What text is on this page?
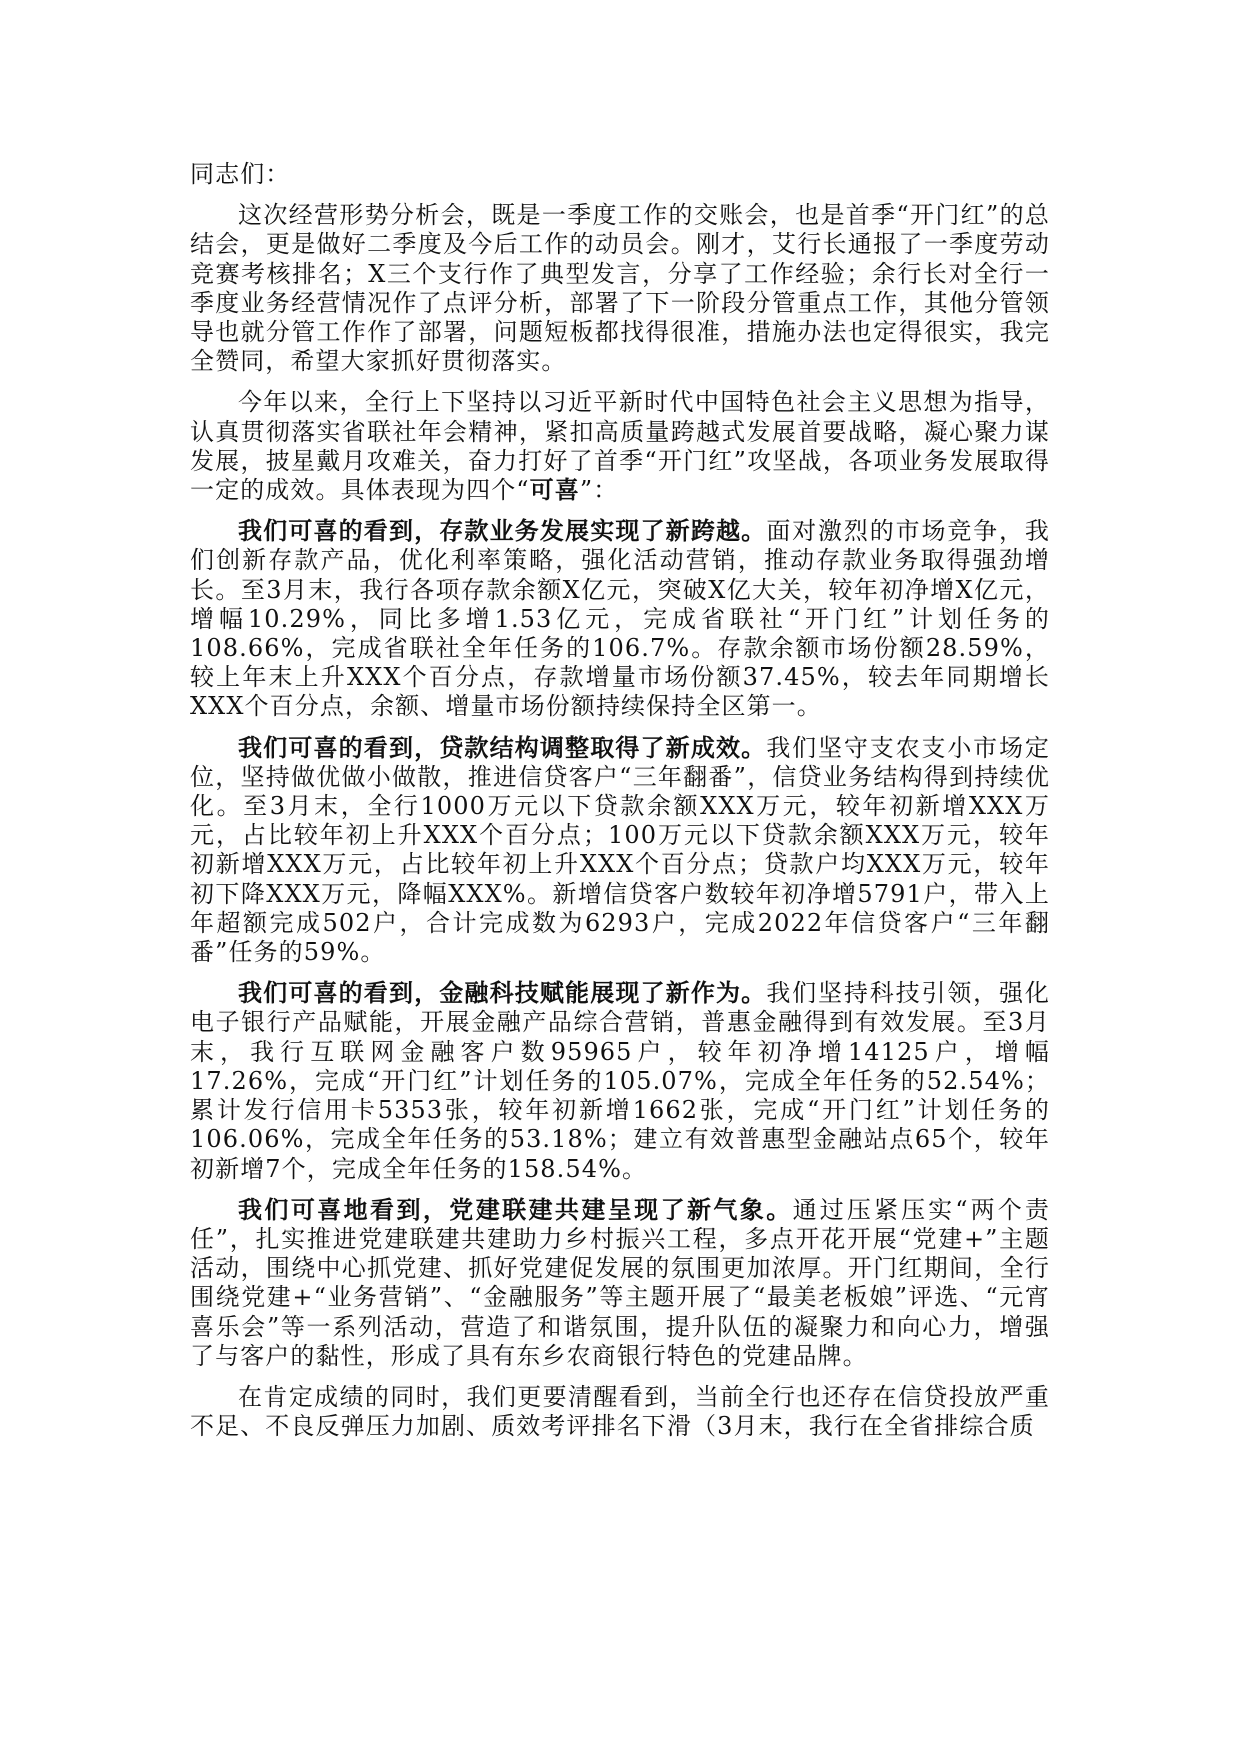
同志们：

这次经营形势分析会，既是一季度工作的交账会，也是首季“开门红”的总结会，更是做好二季度及今后工作的动员会。刚才，艾行长通报了一季度劳动竞赛考核排名；X三个支行作了典型发言，分享了工作经验；余行长对全行一季度业务经营情况作了点评分析，部署了下一阶段分管重点工作，其他分管领导也就分管工作作了部署，问题短板都找得很准，措施办法也定得很实，我完全赞同，希望大家抓好贯彻落实。

今年以来，全行上下坚持以习近平新时代中国特色社会主义思想为指导，认真贯彻落实省联社年会精神，紧扣高质量跨越式发展首要战略，凝心聚力谋发展，披星戴月攻难关，奋力打好了首季“开门红”攻坚战，各项业务发展取得一定的成效。具体表现为四个“可喜”：

我们可喜的看到，存款业务发展实现了新跨越。面对激烈的市场竞争，我们创新存款产品，优化利率策略，强化活动营销，推动存款业务取得强劲增长。至3月末，我行各项存款余额X亿元，突破X亿大关，较年初净增X亿元，增幅10.29%，同比多增1.53亿元，完成省联社“开门红”计划任务的108.66%，完成省联社全年任务的106.7%。存款余额市场份额28.59%，较上年末上升XXX个百分点，存款增量市场份额37.45%，较去年同期增长XXX个百分点，余额、增量市场份额持续保持全区第一。

我们可喜的看到，贷款结构调整取得了新成效。我们坚守支农支小市场定位，坚持做优做小做散，推进信贷客户“三年翻番”，信贷业务结构得到持续优化。至3月末，全行1000万元以下贷款余额XXX万元，较年初新增XXX万元，占比较年初上升XXX个百分点；100万元以下贷款余额XXX万元，较年初新增XXX万元，占比较年初上升XXX个百分点；贷款户均XXX万元，较年初下降XXX万元，降幅XXX%。新增信贷客户数较年初净增5791户，带入上年超额完成502户，合计完成数为6293户，完成2022年信贷客户“三年翻番”任务的59%。

我们可喜的看到，金融科技赋能展现了新作为。我们坚持科技引领，强化电子银行产品赋能，开展金融产品综合营销，普惠金融得到有效发展。至3月末，我行互联网金融客户数95965户，较年初净增14125户，增幅17.26%，完成“开门红”计划任务的105.07%，完成全年任务的52.54%；累计发行信用卡5353张，较年初新增1662张，完成“开门红”计划任务的106.06%，完成全年任务的53.18%；建立有效普惠型金融站点65个，较年初新增7个，完成全年任务的158.54%。

我们可喜地看到，党建联建共建呈现了新气象。通过压紧压实“两个责任”，扎实推进党建联建共建助力乡村振兴工程，多点开花开展“党建+”主题活动，围绕中心抓党建、抓好党建促发展的氛围更加浓厚。开门红期间，全行围绕党建+“业务营销”、“金融服务”等主题开展了“最美老板娘”评选、“元宵喜乐会”等一系列活动，营造了和谐氛围，提升队伍的凝聚力和向心力，增强了与客户的黏性，形成了具有东乡农商银行特色的党建品牌。

在肯定成绩的同时，我们更要清醒看到，当前全行也还存在信贷投放严重不足、不良反弹压力加剧、质效考评排名下滑（3月末，我行在全省排综合质
